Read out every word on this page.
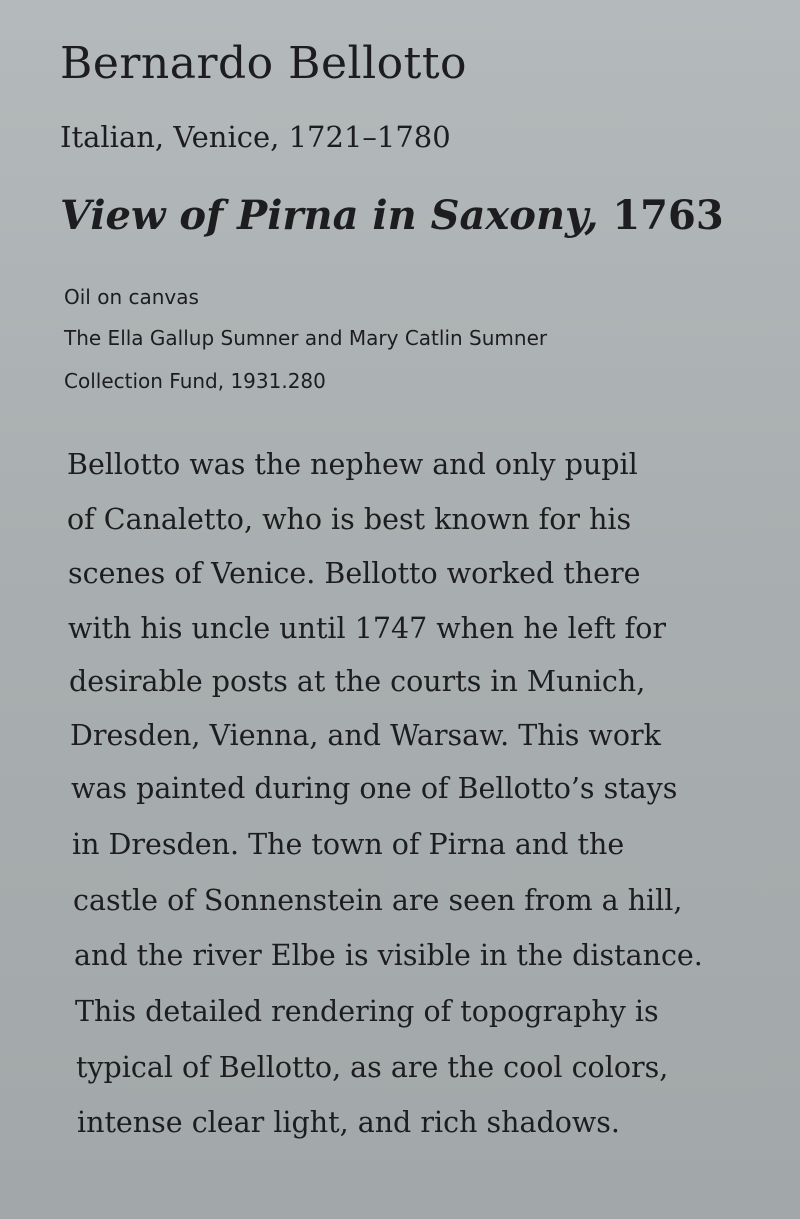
Bernardo Bellotto

Italian, Venice, 1721–1780

View of Pirna in Saxony, 1763

Oil on canvas

The Ella Gallup Sumner and Mary Catlin Sumner

Collection Fund, 1931.280

Bellotto was the nephew and only pupil

of Canaletto, who is best known for his

scenes of Venice. Bellotto worked there

with his uncle until 1747 when he left for

desirable posts at the courts in Munich,

Dresden, Vienna, and Warsaw. This work

was painted during one of Bellotto’s stays

in Dresden. The town of Pirna and the

castle of Sonnenstein are seen from a hill,

and the river Elbe is visible in the distance.

This detailed rendering of topography is

typical of Bellotto, as are the cool colors,

intense clear light, and rich shadows.
